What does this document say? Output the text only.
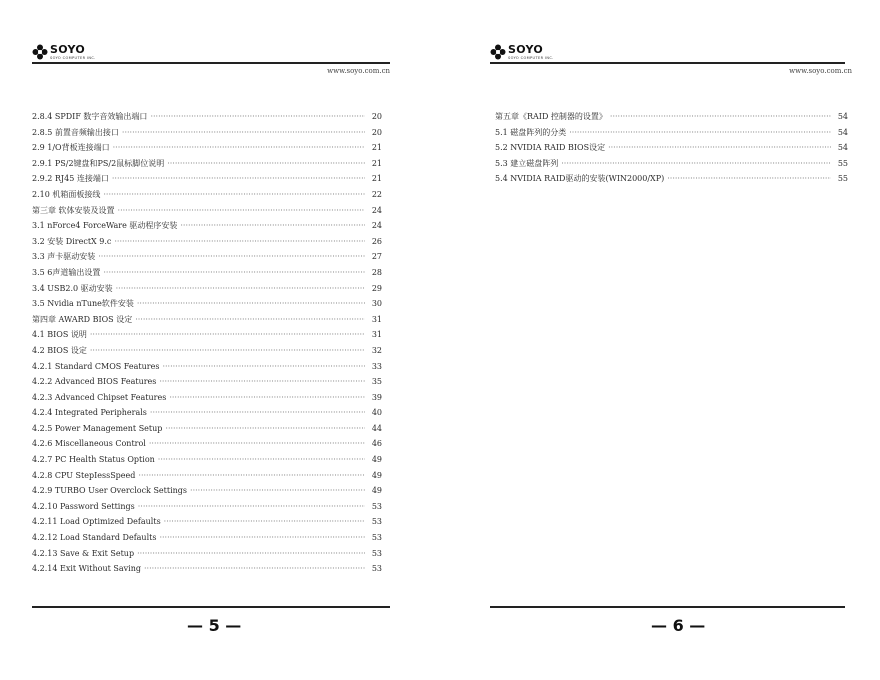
SOYO
SOYO COMPUTER INC.
www.soyo.com.cn
2.8.4 SPDIF 数字音效输出端口 ·····	20
2.8.5 前置音频输出接口 ·····	20
2.9 1/O背板连接端口 ·····	21
2.9.1 PS/2键盘和PS/2鼠标脚位说明 ·····	21
2.9.2 RJ45 连接端口 ·····	21
2.10 机箱面板接线 ·····	22
第三章 软体安装及设置 ·····	24
3.1 nForce4 ForceWare 驱动程序安装 ·····	24
3.2 安装 DirectX 9.c ·····	26
3.3 声卡驱动安装 ·····	27
3.5 6声道输出设置 ·····	28
3.4 USB2.0 驱动安装 ·····	29
3.5 Nvidia nTune软件安装 ·····	30
第四章 AWARD BIOS 设定 ·····	31
4.1 BIOS 说明 ·····	31
4.2 BIOS 设定 ·····	32
4.2.1 Standard CMOS Features ·····	33
4.2.2 Advanced BIOS Features ·····	35
4.2.3 Advanced Chipset Features ·····	39
4.2.4 Integrated Peripherals ·····	40
4.2.5 Power Management Setup ·····	44
4.2.6 Miscellaneous Control ·····	46
4.2.7 PC Health Status Option ·····	49
4.2.8 CPU StepIessSpeed ·····	49
4.2.9 TURBO User Overclock Settings ·····	49
4.2.10 Password Settings ·····	53
4.2.11 Load Optimized Defaults ·····	53
4.2.12 Load Standard Defaults ·····	53
4.2.13 Save & Exit Setup ·····	53
4.2.14 Exit Without Saving ·····	53
— 5 —
SOYO
SOYO COMPUTER INC.
www.soyo.com.cn
第五章《RAID 控制器的设置》 ·····	54
5.1 磁盘阵列的分类 ·····	54
5.2 NVIDIA RAID BIOS设定 ·····	54
5.3 建立磁盘阵列 ·····	55
5.4 NVIDIA RAID驱动的安装(WIN2000/XP) ·····	55
— 6 —
